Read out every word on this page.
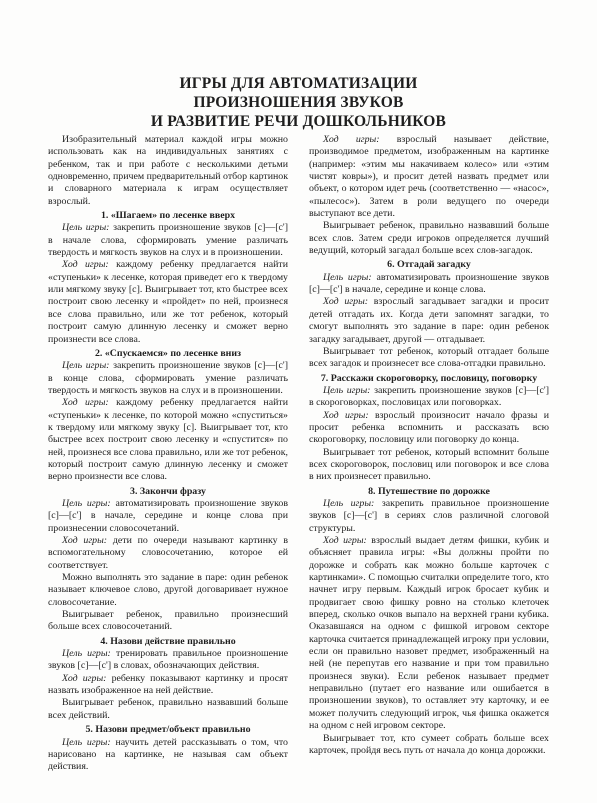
ИГРЫ ДЛЯ АВТОМАТИЗАЦИИ
ПРОИЗНОШЕНИЯ ЗВУКОВ
И РАЗВИТИЕ РЕЧИ ДОШКОЛЬНИКОВ

Изобразительный материал каждой игры можно использовать как на индивидуальных занятиях с ребенком, так и при работе с несколькими детьми одновременно, причем предварительный отбор картинок и словарного материала к играм осуществляет взрослый.

1. «Шагаем» по лесенке вверх

Цель игры: закрепить произношение звуков [с]—[с'] в начале слова, сформировать умение различать твердость и мягкость звуков на слух и в произношении.

Ход игры: каждому ребенку предлагается найти «ступеньки» к лесенке, которая приведет его к твердому или мягкому звуку [с]. Выигрывает тот, кто быстрее всех построит свою лесенку и «пройдет» по ней, произнеся все слова правильно, или же тот ребенок, который построит самую длинную лесенку и сможет верно произнести все слова.

2. «Спускаемся» по лесенке вниз

Цель игры: закрепить произношение звуков [с]—[с'] в конце слова, сформировать умение различать твердость и мягкость звуков на слух и в произношении.

Ход игры: каждому ребенку предлагается найти «ступеньки» к лесенке, по которой можно «спуститься» к твердому или мягкому звуку [с]. Выигрывает тот, кто быстрее всех построит свою лесенку и «спустится» по ней, произнеся все слова правильно, или же тот ребенок, который построит самую длинную лесенку и сможет верно произнести все слова.

3. Закончи фразу

Цель игры: автоматизировать произношение звуков [с]—[с'] в начале, середине и конце слова при произнесении словосочетаний.

Ход игры: дети по очереди называют картинку в вспомогательному словосочетанию, которое ей соответствует.

Можно выполнять это задание в паре: один ребенок называет ключевое слово, другой договаривает нужное словосочетание.

Выигрывает ребенок, правильно произнесший больше всех словосочетаний.

4. Назови действие правильно

Цель игры: тренировать правильное произношение звуков [с]—[с'] в словах, обозначающих действия.

Ход игры: ребенку показывают картинку и просят назвать изображенное на ней действие.

Выигрывает ребенок, правильно назвавший больше всех действий.

5. Назови предмет/объект правильно

Цель игры: научить детей рассказывать о том, что нарисовано на картинке, не называя сам объект действия.

Ход игры: взрослый называет действие, производимое предметом, изображенным на картинке (например: «этим мы накачиваем колесо» или «этим чистят ковры»), и просит детей назвать предмет или объект, о котором идет речь (соответственно — «насос», «пылесос»). Затем в роли ведущего по очереди выступают все дети.

Выигрывает ребенок, правильно назвавший больше всех слов. Затем среди игроков определяется лучший ведущий, который загадал больше всех слов-загадок.

6. Отгадай загадку

Цель игры: автоматизировать произношение звуков [с]—[с'] в начале, середине и конце слова.

Ход игры: взрослый загадывает загадки и просит детей отгадать их. Когда дети запомнят загадки, то смогут выполнять это задание в паре: один ребенок загадку загадывает, другой — отгадывает.

Выигрывает тот ребенок, который отгадает больше всех загадок и произнесет все слова-отгадки правильно.

7. Расскажи скороговорку, пословицу, поговорку

Цель игры: закрепить произношение звуков [с]—[с'] в скороговорках, пословицах или поговорках.

Ход игры: взрослый произносит начало фразы и просит ребенка вспомнить и рассказать всю скороговорку, пословицу или поговорку до конца.

Выигрывает тот ребенок, который вспомнит больше всех скороговорок, пословиц или поговорок и все слова в них произнесет правильно.

8. Путешествие по дорожке

Цель игры: закрепить правильное произношение звуков [с]—[с'] в сериях слов различной слоговой структуры.

Ход игры: взрослый выдает детям фишки, кубик и объясняет правила игры: «Вы должны пройти по дорожке и собрать как можно больше карточек с картинками». С помощью считалки определите того, кто начнет игру первым. Каждый игрок бросает кубик и продвигает свою фишку ровно на столько клеточек вперед, сколько очков выпало на верхней грани кубика. Оказавшаяся на одном с фишкой игровом секторе карточка считается принадлежащей игроку при условии, если он правильно назовет предмет, изображенный на ней (не перепутав его название и при том правильно произнеся звуки). Если ребенок называет предмет неправильно (путает его название или ошибается в произношении звуков), то оставляет эту карточку, и ее может получить следующий игрок, чья фишка окажется на одном с ней игровом секторе.

Выигрывает тот, кто сумеет собрать больше всех карточек, пройдя весь путь от начала до конца дорожки.
